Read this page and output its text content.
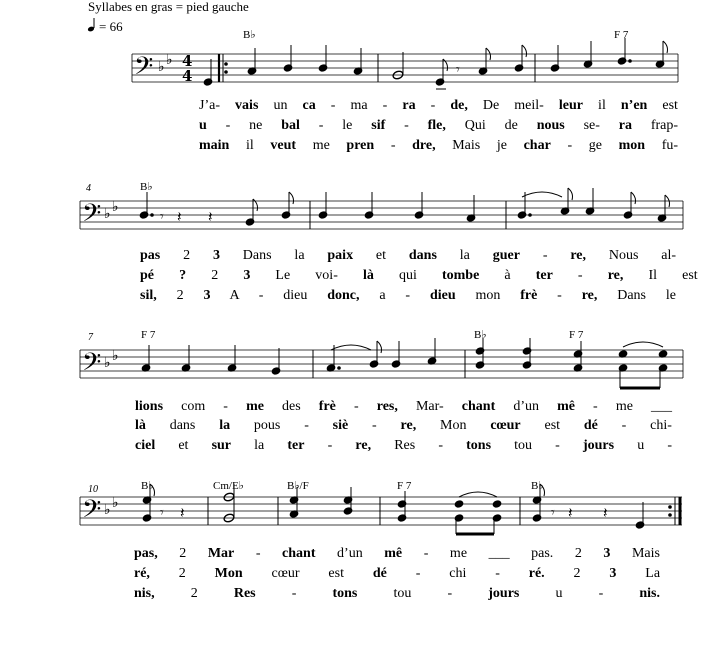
Syllabes en gras = pied gauche
= 66
𝄢 ♭ ♭ 4
4
B♭	F 7
𝄾
4
𝄢 ♭ ♭
B♭
𝄾 𝄽 𝄽
7
𝄢 ♭ ♭
F 7	B♭	F 7
10
𝄢 ♭ ♭
B♭	Cm/E♭	B♭/F	F 7	B♭
𝄾 𝄽	𝄾 𝄽 𝄽
J’a- vais un ca - ma - ra - de, De meil- leur il n’en est
u - ne bal - le sif - fle, Qui de nous se- ra frap-
main il veut me pren - dre, Mais je char - ge mon fu-
pas 2 3 Dans la paix et dans la guer - re, Nous al-
pé ? 2 3 Le voi- là qui tombe à ter - re, Il est
sil, 2 3 A - dieu donc, a - dieu mon frè - re, Dans le
lions com - me des frè - res, Mar- chant d’un mê - me ___
là dans la pous - siè - re, Mon cœur est dé - chi-
ciel et sur la ter - re, Res - tons tou - jours u -
pas, 2 Mar - chant d’un mê - me ___ pas. 2 3 Mais
ré, 2 Mon cœur est dé - chi - ré. 2 3 La
nis, 2 Res - tons tou - jours u - nis.
